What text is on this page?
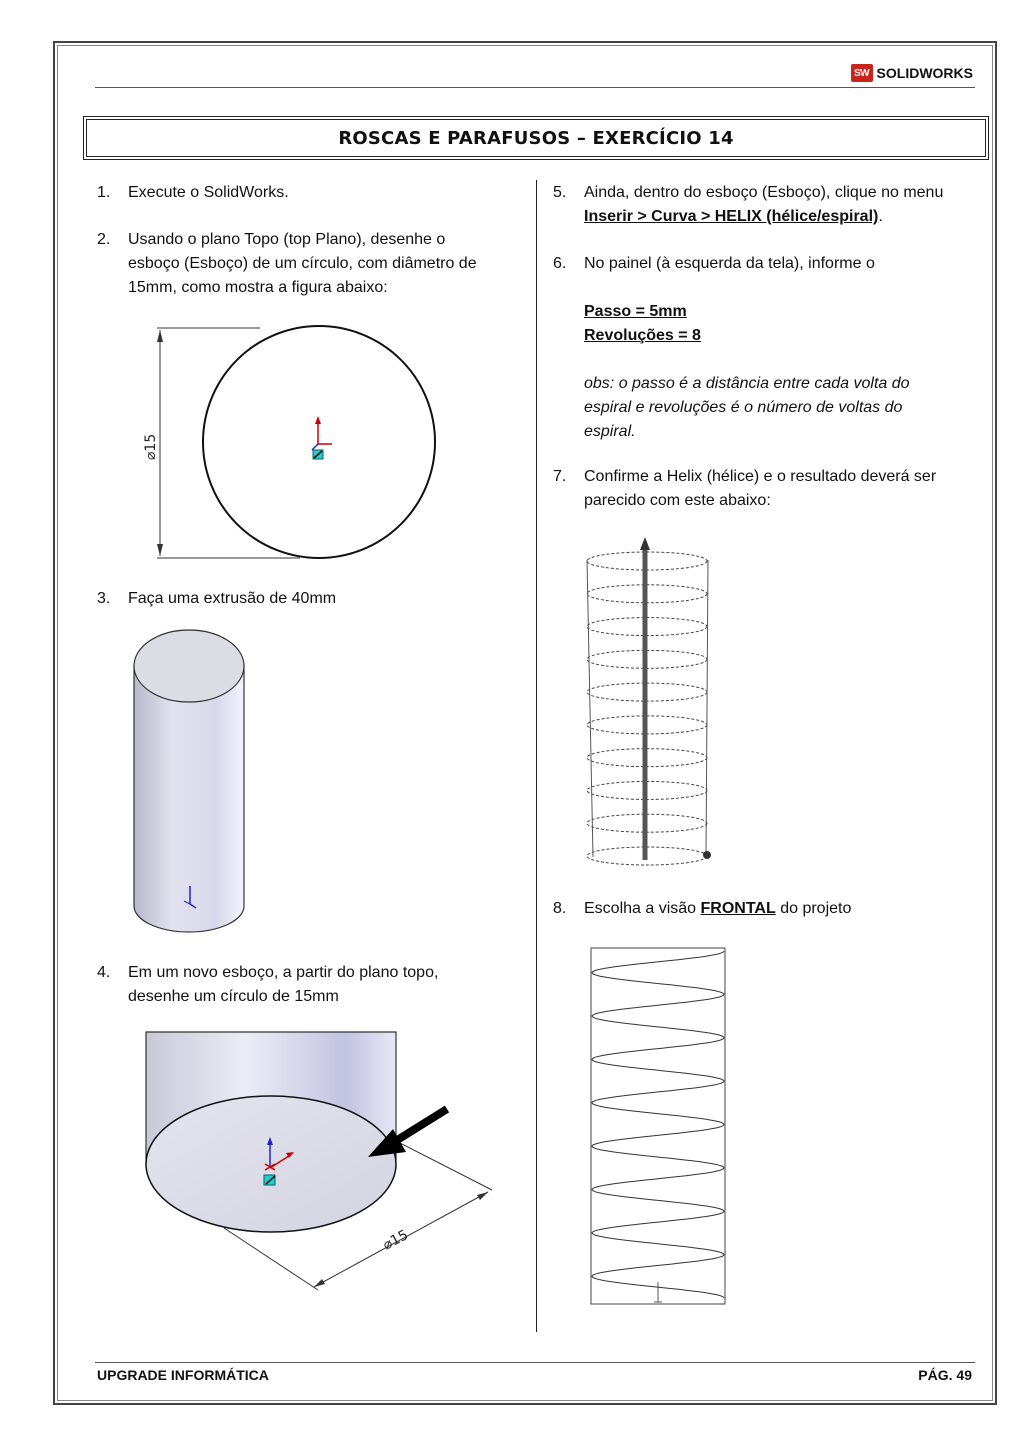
SW SOLIDWORKS
ROSCAS E PARAFUSOS – EXERCÍCIO 14
1. Execute o SolidWorks.
2. Usando o plano Topo (top Plano), desenhe o
esboço (Esboço) de um círculo, com diâmetro de
15mm, como mostra a figura abaixo:
⌀15
3. Faça uma extrusão de 40mm
4. Em um novo esboço, a partir do plano topo,
desenhe um círculo de 15mm
⌀15
5. Ainda, dentro do esboço (Esboço), clique no menu
Inserir > Curva > HELIX (hélice/espiral).
6. No painel (à esquerda da tela), informe o
Passo = 5mm
Revoluções = 8
obs: o passo é a distância entre cada volta do
espiral e revoluções é o número de voltas do
espiral.
7. Confirme a Helix (hélice) e o resultado deverá ser
parecido com este abaixo:
8. Escolha a visão FRONTAL do projeto
UPGRADE INFORMÁTICA	PÁG. 49
